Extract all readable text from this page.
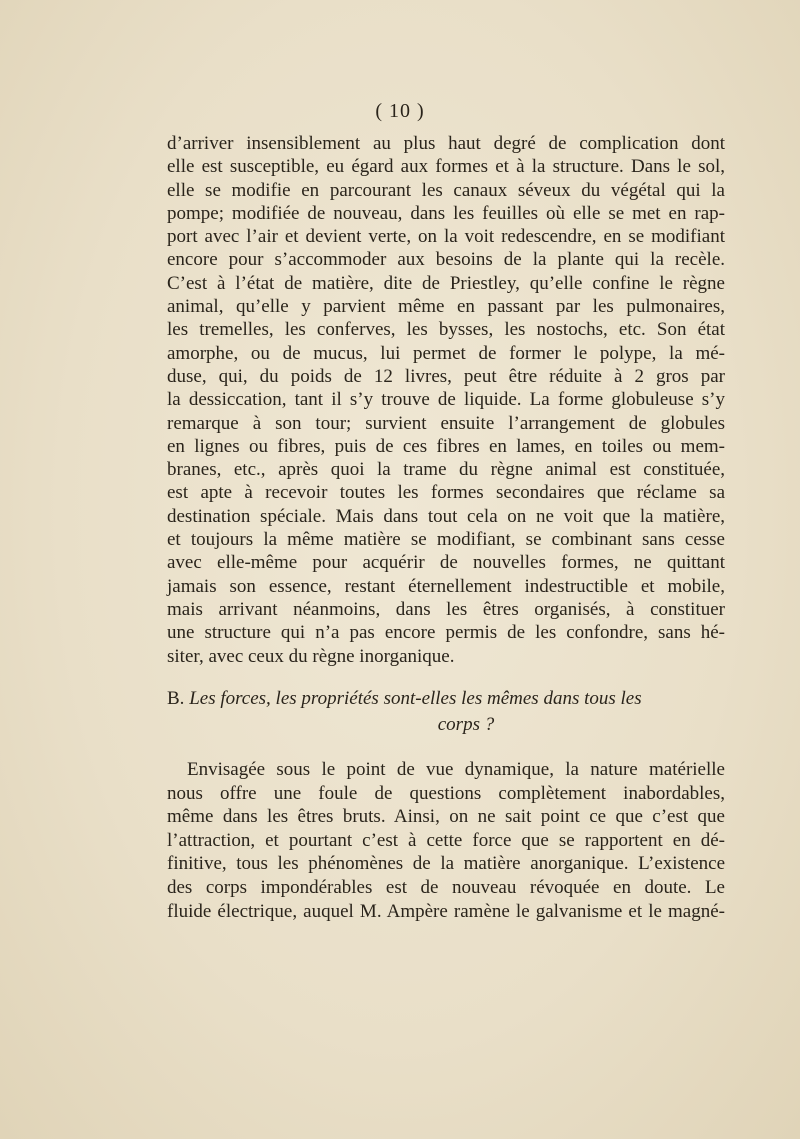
( 10 )
d’arriver insensiblement au plus haut degré de complication dont
elle est susceptible, eu égard aux formes et à la structure. Dans le sol,
elle se modifie en parcourant les canaux séveux du végétal qui la
pompe; modifiée de nouveau, dans les feuilles où elle se met en rap-
port avec l’air et devient verte, on la voit redescendre, en se modifiant
encore pour s’accommoder aux besoins de la plante qui la recèle.
C’est à l’état de matière, dite de Priestley, qu’elle confine le règne
animal, qu’elle y parvient même en passant par les pulmonaires,
les tremelles, les conferves, les bysses, les nostochs, etc. Son état
amorphe, ou de mucus, lui permet de former le polype, la mé-
duse, qui, du poids de 12 livres, peut être réduite à 2 gros par
la dessiccation, tant il s’y trouve de liquide. La forme globuleuse s’y
remarque à son tour; survient ensuite l’arrangement de globules
en lignes ou fibres, puis de ces fibres en lames, en toiles ou mem-
branes, etc., après quoi la trame du règne animal est constituée,
est apte à recevoir toutes les formes secondaires que réclame sa
destination spéciale. Mais dans tout cela on ne voit que la matière,
et toujours la même matière se modifiant, se combinant sans cesse
avec elle-même pour acquérir de nouvelles formes, ne quittant
jamais son essence, restant éternellement indestructible et mobile,
mais arrivant néanmoins, dans les êtres organisés, à constituer
une structure qui n’a pas encore permis de les confondre, sans hé-
siter, avec ceux du règne inorganique.
B. Les forces, les propriétés sont-elles les mêmes dans tous les
corps ?
Envisagée sous le point de vue dynamique, la nature matérielle
nous offre une foule de questions complètement inabordables,
même dans les êtres bruts. Ainsi, on ne sait point ce que c’est que
l’attraction, et pourtant c’est à cette force que se rapportent en dé-
finitive, tous les phénomènes de la matière anorganique. L’existence
des corps impondérables est de nouveau révoquée en doute. Le
fluide électrique, auquel M. Ampère ramène le galvanisme et le magné-
